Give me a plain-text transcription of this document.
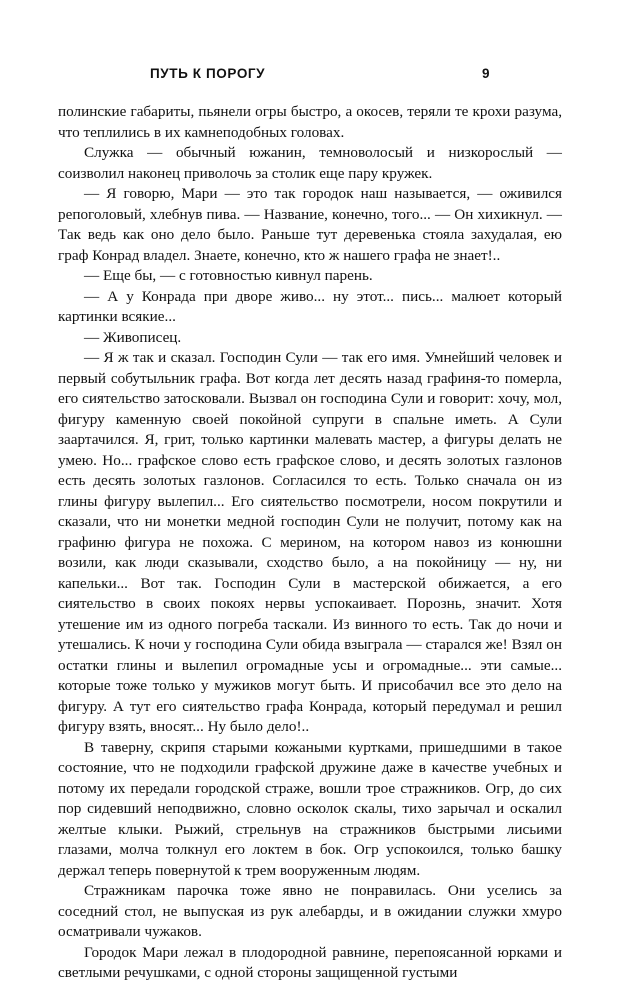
ПУТЬ К ПОРОГУ	9

полинские габариты, пьянели огры быстро, а окосев, теряли те крохи разума, что теплились в их камнеподобных головах.

Служка — обычный южанин, темноволосый и низкорослый — соизволил наконец приволочь за столик еще пару кружек.

— Я говорю, Мари — это так городок наш называется, — оживился репоголовый, хлебнув пива. — Название, конечно, того... — Он хихикнул. — Так ведь как оно дело было. Раньше тут деревенька стояла захудалая, ею граф Конрад владел. Знаете, конечно, кто ж нашего графа не знает!..

— Еще бы, — с готовностью кивнул парень.

— А у Конрада при дворе живо... ну этот... пись... малюет который картинки всякие...

— Живописец.

— Я ж так и сказал. Господин Сули — так его имя. Умнейший человек и первый собутыльник графа. Вот когда лет десять назад графиня-то померла, его сиятельство затосковали. Вызвал он господина Сули и говорит: хочу, мол, фигуру каменную своей покойной супруги в спальне иметь. А Сули заартачился. Я, грит, только картинки малевать мастер, а фигуры делать не умею. Но... графское слово есть графское слово, и десять золотых газлонов есть десять золотых газлонов. Согласился то есть. Только сначала он из глины фигуру вылепил... Его сиятельство посмотрели, носом покрутили и сказали, что ни монетки медной господин Сули не получит, потому как на графиню фигура не похожа. С мерином, на котором навоз из конюшни возили, как люди сказывали, сходство было, а на покойницу — ну, ни капельки... Вот так. Господин Сули в мастерской обижается, а его сиятельство в своих покоях нервы успокаивает. Порознь, значит. Хотя утешение им из одного погреба таскали. Из винного то есть. Так до ночи и утешались. К ночи у господина Сули обида взыграла — старался же! Взял он остатки глины и вылепил огромадные усы и огромадные... эти самые... которые тоже только у мужиков могут быть. И присобачил все это дело на фигуру. А тут его сиятельство графа Конрада, который передумал и решил фигуру взять, вносят... Ну было дело!..

В таверну, скрипя старыми кожаными куртками, пришедшими в такое состояние, что не подходили графской дружине даже в качестве учебных и потому их передали городской страже, вошли трое стражников. Огр, до сих пор сидевший неподвижно, словно осколок скалы, тихо зарычал и оскалил желтые клыки. Рыжий, стрельнув на стражников быстрыми лисьими глазами, молча толкнул его локтем в бок. Огр успокоился, только башку держал теперь повернутой к трем вооруженным людям.

Стражникам парочка тоже явно не понравилась. Они уселись за соседний стол, не выпуская из рук алебарды, и в ожидании служки хмуро осматривали чужаков.

Городок Мари лежал в плодородной равнине, перепоясанной юрками и светлыми речушками, с одной стороны защищенной густыми
